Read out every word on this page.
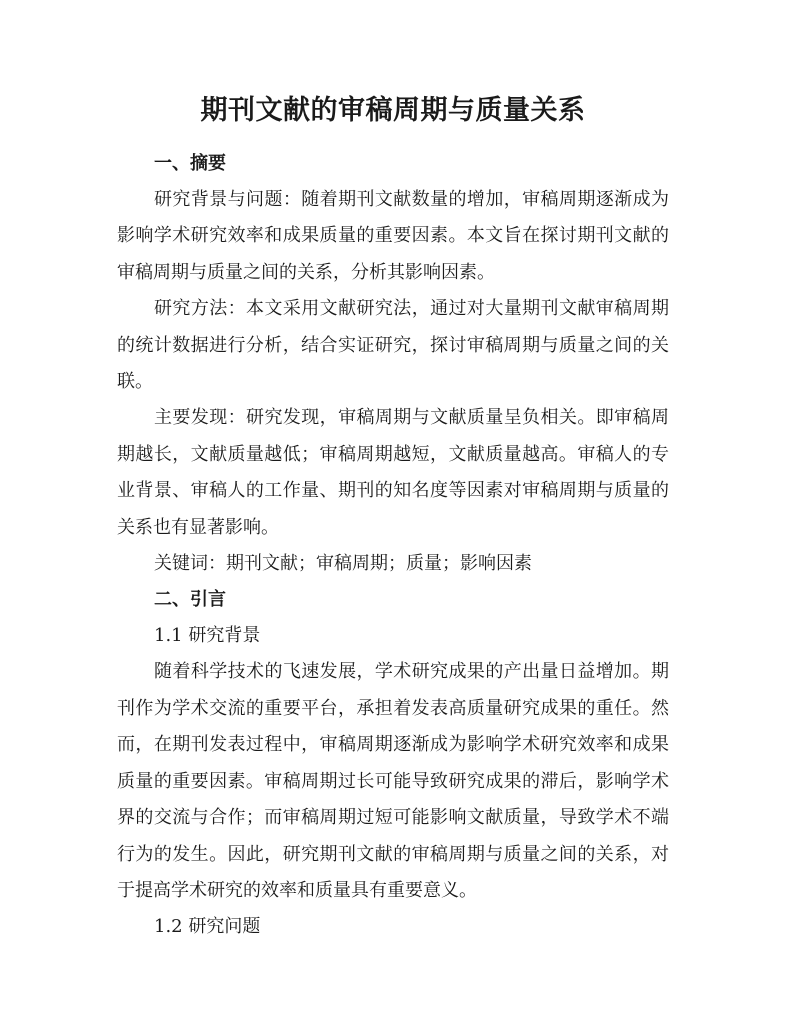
期刊文献的审稿周期与质量关系

一、摘要

研究背景与问题：随着期刊文献数量的增加，审稿周期逐渐成为影响学术研究效率和成果质量的重要因素。本文旨在探讨期刊文献的审稿周期与质量之间的关系，分析其影响因素。

研究方法：本文采用文献研究法，通过对大量期刊文献审稿周期的统计数据进行分析，结合实证研究，探讨审稿周期与质量之间的关联。

主要发现：研究发现，审稿周期与文献质量呈负相关。即审稿周期越长，文献质量越低；审稿周期越短，文献质量越高。审稿人的专业背景、审稿人的工作量、期刊的知名度等因素对审稿周期与质量的关系也有显著影响。

关键词：期刊文献；审稿周期；质量；影响因素

二、引言

1.1 研究背景

随着科学技术的飞速发展，学术研究成果的产出量日益增加。期刊作为学术交流的重要平台，承担着发表高质量研究成果的重任。然而，在期刊发表过程中，审稿周期逐渐成为影响学术研究效率和成果质量的重要因素。审稿周期过长可能导致研究成果的滞后，影响学术界的交流与合作；而审稿周期过短可能影响文献质量，导致学术不端行为的发生。因此，研究期刊文献的审稿周期与质量之间的关系，对于提高学术研究的效率和质量具有重要意义。

1.2 研究问题
